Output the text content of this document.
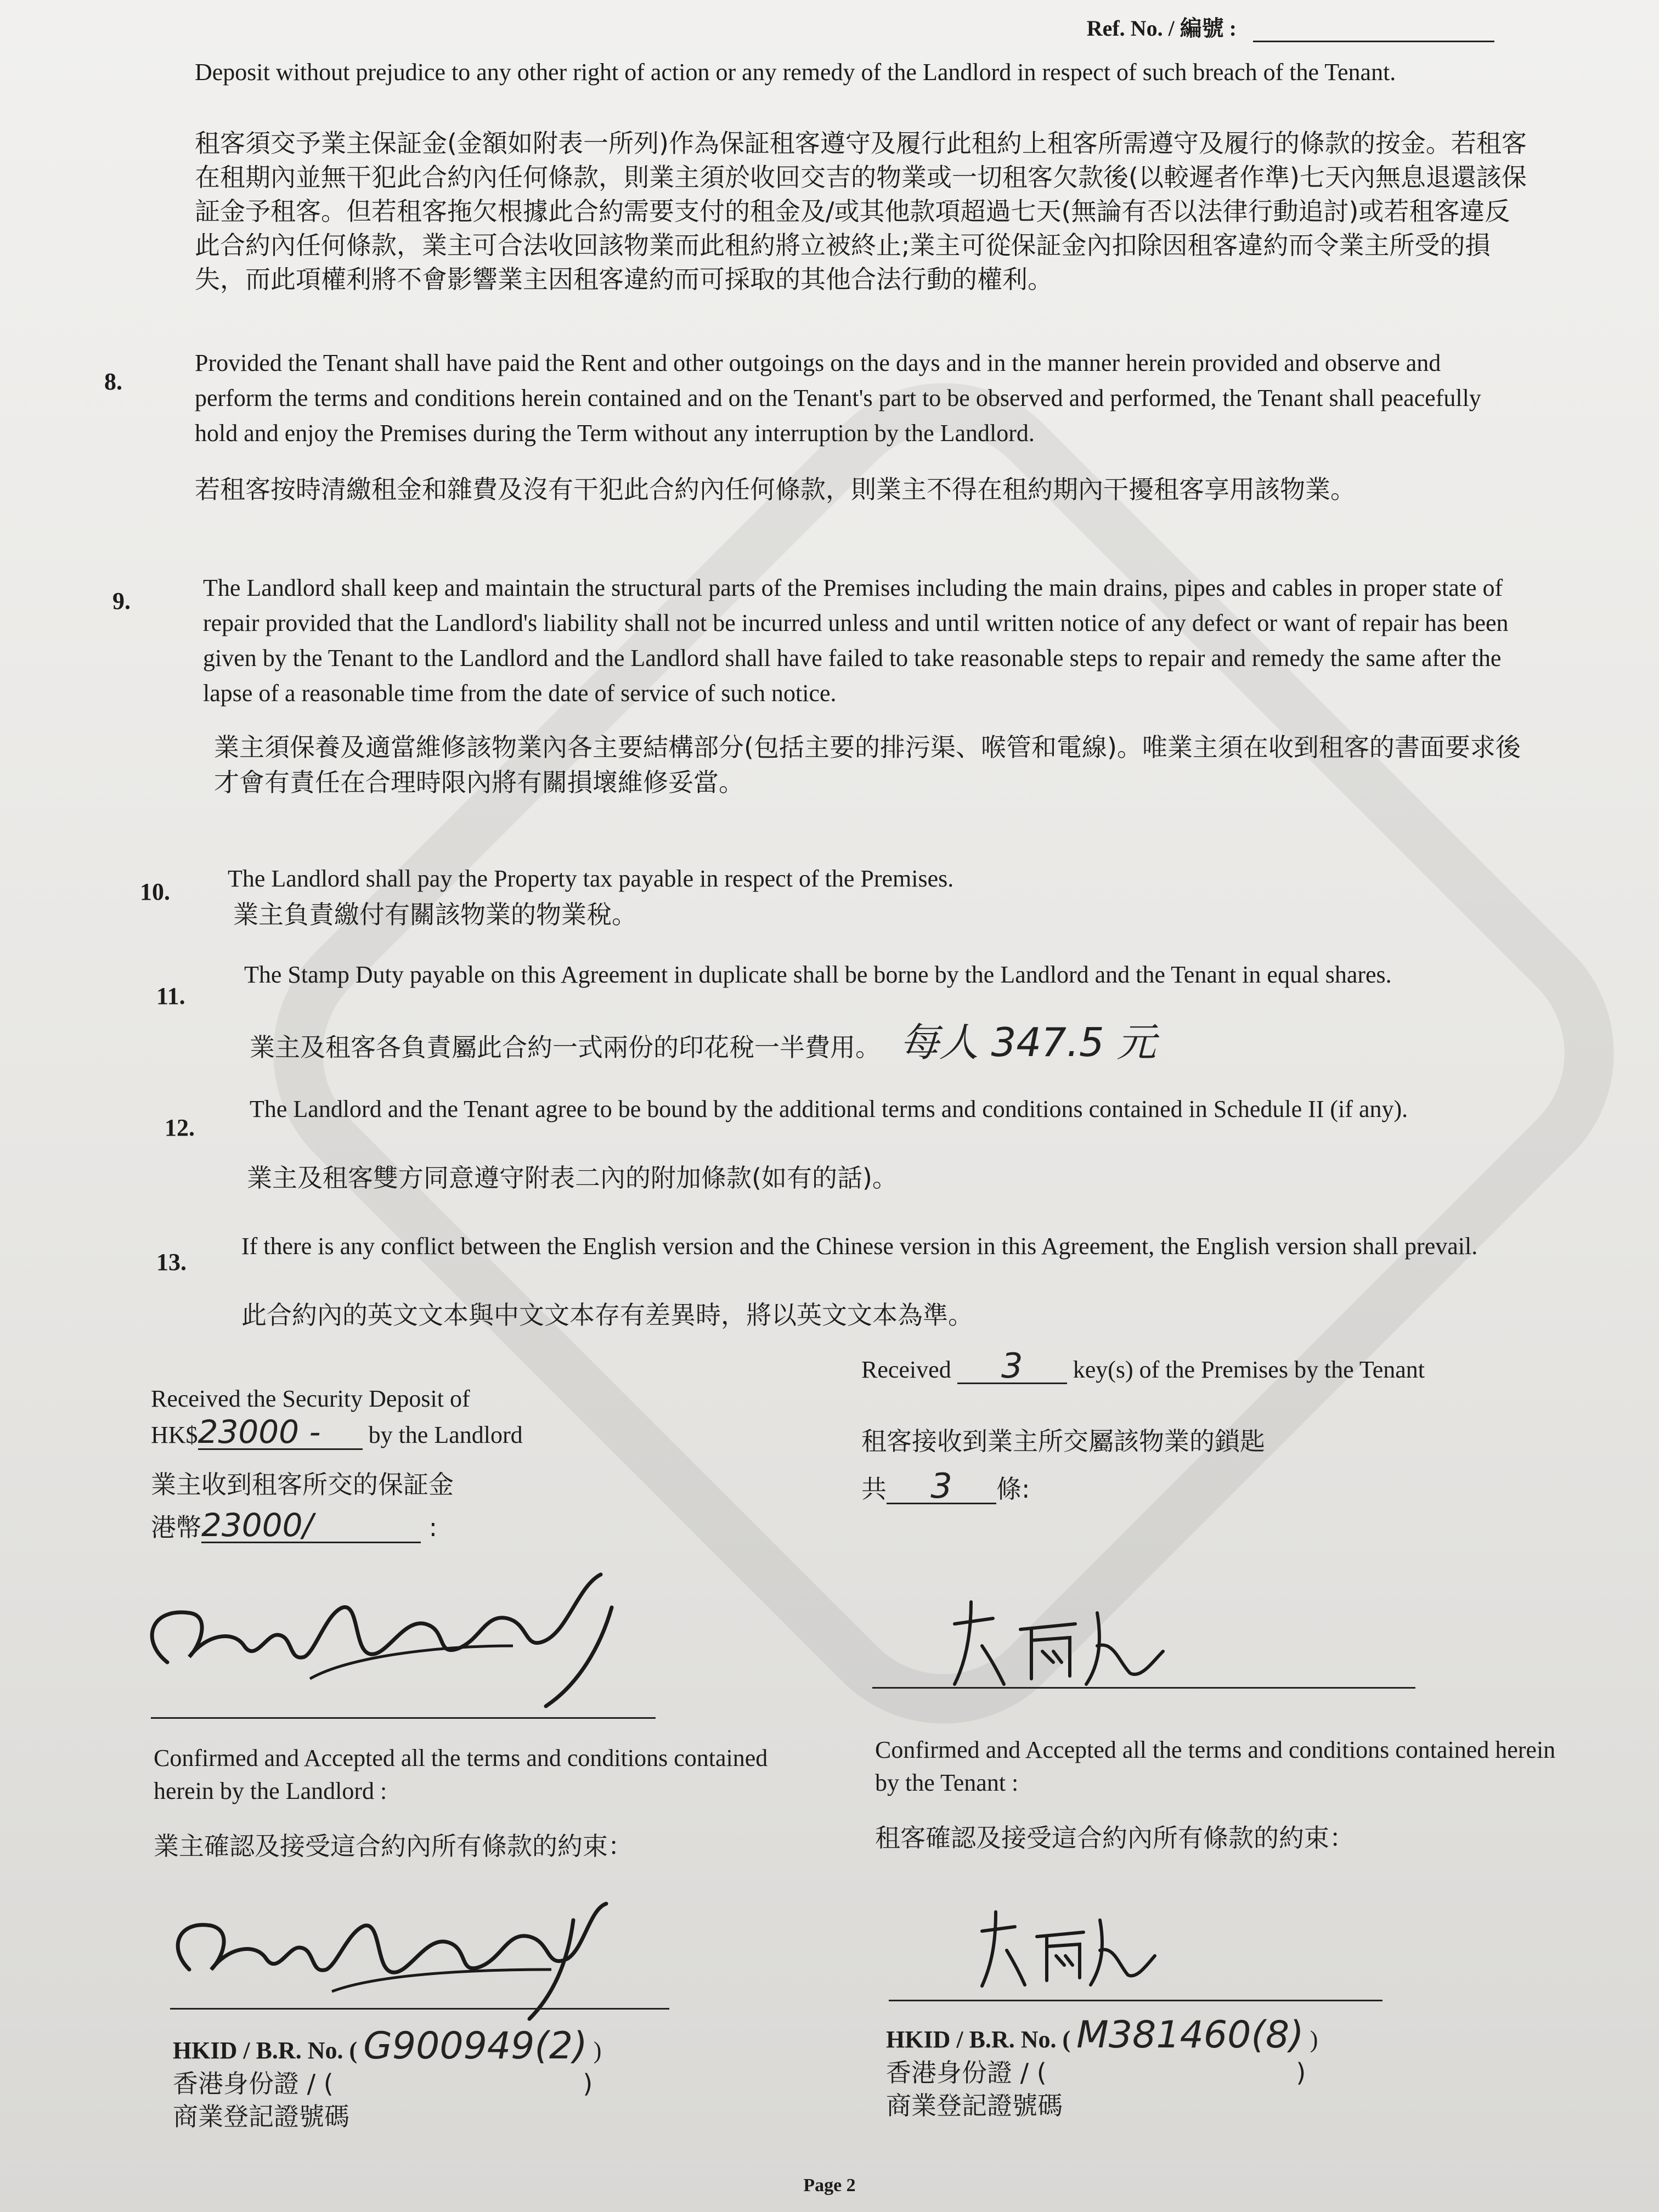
Ref. No. / 編號 :
Deposit without prejudice to any other right of action or any remedy of the Landlord in respect of such breach of the Tenant.
租客須交予業主保証金(金額如附表一所列)作為保証租客遵守及履行此租約上租客所需遵守及履行的條款的按金。若租客在租期內並無干犯此合約內任何條款，則業主須於收回交吉的物業或一切租客欠款後(以較遲者作準)七天內無息退還該保証金予租客。但若租客拖欠根據此合約需要支付的租金及/或其他款項超過七天(無論有否以法律行動追討)或若租客違反此合約內任何條款，業主可合法收回該物業而此租約將立被終止;業主可從保証金內扣除因租客違約而令業主所受的損失，而此項權利將不會影響業主因租客違約而可採取的其他合法行動的權利。
8.
Provided the Tenant shall have paid the Rent and other outgoings on the days and in the manner herein provided and observe and perform the terms and conditions herein contained and on the Tenant's part to be observed and performed, the Tenant shall peacefully hold and enjoy the Premises during the Term without any interruption by the Landlord.
若租客按時清繳租金和雜費及沒有干犯此合約內任何條款，則業主不得在租約期內干擾租客享用該物業。
9.	The Landlord shall keep and maintain the structural parts of the Premises including the main drains, pipes and cables in proper state of repair provided that the Landlord's liability shall not be incurred unless and until written notice of any defect or want of repair has been given by the Tenant to the Landlord and the Landlord shall have failed to take reasonable steps to repair and remedy the same after the lapse of a reasonable time from the date of service of such notice.
業主須保養及適當維修該物業內各主要結構部分(包括主要的排污渠、喉管和電線)。唯業主須在收到租客的書面要求後才會有責任在合理時限內將有關損壞維修妥當。
10. The Landlord shall pay the Property tax payable in respect of the Premises.
業主負責繳付有關該物業的物業稅。
11.
The Stamp Duty payable on this Agreement in duplicate shall be borne by the Landlord and the Tenant in equal shares.
業主及租客各負責屬此合約一式兩份的印花稅一半費用。 每人 347.5 元
12.
The Landlord and the Tenant agree to be bound by the additional terms and conditions contained in Schedule II (if any).
業主及租客雙方同意遵守附表二內的附加條款(如有的話)。
13.
If there is any conflict between the English version and the Chinese version in this Agreement, the English version shall prevail.
此合約內的英文文本與中文文本存有差異時，將以英文文本為準。
Received the Security Deposit of
HK$23000 - by the Landlord
業主收到租客所交的保証金
港幣23000/	:
Received 3 key(s) of the Premises by the Tenant
租客接收到業主所交屬該物業的鎖匙
共 3 條:
Confirmed and Accepted all the terms and conditions contained herein by the Landlord :
業主確認及接受這合約內所有條款的約束：
Confirmed and Accepted all the terms and conditions contained herein by the Tenant :
租客確認及接受這合約內所有條款的約束：
HKID / B.R. No. ( G900949(2) )
香港身份證 / (	)
商業登記證號碼
HKID / B.R. No. ( M381460(8) )
香港身份證 / (	)
商業登記證號碼
Page 2
